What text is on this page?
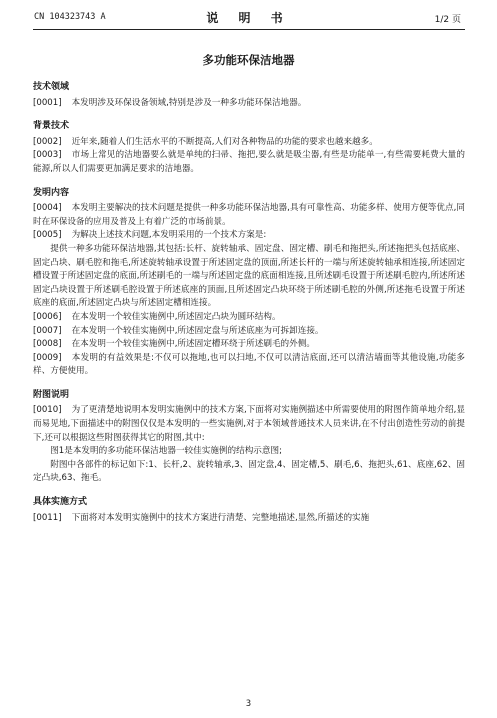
CN 104323743 A	说 明 书	1/2 页
多功能环保洁地器
技术领域

[0001] 本发明涉及环保设备领域,特别是涉及一种多功能环保洁地器。

背景技术

[0002] 近年来,随着人们生活水平的不断提高,人们对各种物品的功能的要求也越来越多。

[0003] 市场上常见的洁地器要么就是单纯的扫帚、拖把,要么就是吸尘器,有些是功能单一,有些需要耗费大量的能源,所以人们需要更加满足要求的洁地器。

发明内容

[0004] 本发明主要解决的技术问题是提供一种多功能环保洁地器,具有可靠性高、功能多样、使用方便等优点,同时在环保设备的应用及普及上有着广泛的市场前景。

[0005] 为解决上述技术问题,本发明采用的一个技术方案是:

提供一种多功能环保洁地器,其包括:长杆、旋转轴承、固定盘、固定槽、刷毛和拖把头,所述拖把头包括底座、固定凸块、刷毛腔和拖毛,所述旋转轴承设置于所述固定盘的顶面,所述长杆的一端与所述旋转轴承相连接,所述固定槽设置于所述固定盘的底面,所述刷毛的一端与所述固定盘的底面相连接,且所述刷毛设置于所述刷毛腔内,所述所述固定凸块设置于所述刷毛腔设置于所述底座的顶面,且所述固定凸块环绕于所述刷毛腔的外侧,所述拖毛设置于所述底座的底面,所述固定凸块与所述固定槽相连接。

[0006] 在本发明一个较佳实施例中,所述固定凸块为圆环结构。

[0007] 在本发明一个较佳实施例中,所述固定盘与所述底座为可拆卸连接。

[0008] 在本发明一个较佳实施例中,所述固定槽环绕于所述刷毛的外侧。

[0009] 本发明的有益效果是:不仅可以拖地,也可以扫地,不仅可以清洁底面,还可以清洁墙面等其他设施,功能多样、方便使用。

附图说明

[0010] 为了更清楚地说明本发明实施例中的技术方案,下面将对实施例描述中所需要使用的附图作简单地介绍,显而易见地,下面描述中的附图仅仅是本发明的一些实施例,对于本领域普通技术人员来讲,在不付出创造性劳动的前提下,还可以根据这些附图获得其它的附图,其中:

图1是本发明的多功能环保洁地器一较佳实施例的结构示意图;

附图中各部件的标记如下:1、长杆,2、旋转轴承,3、固定盘,4、固定槽,5、刷毛,6、拖把头,61、底座,62、固定凸块,63、拖毛。

具体实施方式

[0011] 下面将对本发明实施例中的技术方案进行清楚、完整地描述,显然,所描述的实施

3
